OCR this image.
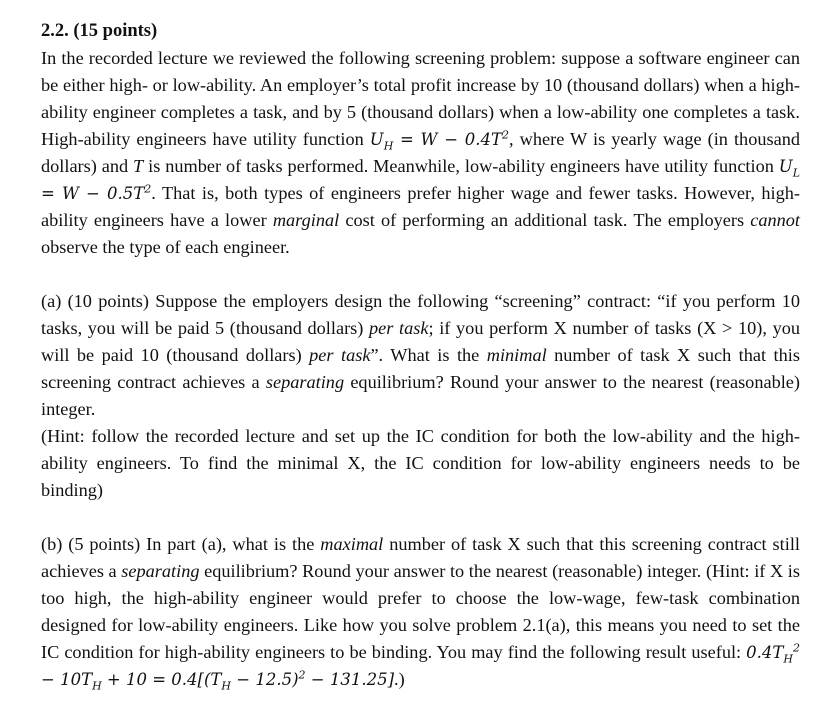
2.2. (15 points)

In the recorded lecture we reviewed the following screening problem: suppose a software engineer can be either high- or low-ability. An employer’s total profit increase by 10 (thousand dollars) when a high-ability engineer completes a task, and by 5 (thousand dollars) when a low-ability one completes a task. High-ability engineers have utility function $U_H = W - 0.4T^2$, where W is yearly wage (in thousand dollars) and T is number of tasks performed. Meanwhile, low-ability engineers have utility function $U_L = W - 0.5T^2$. That is, both types of engineers prefer higher wage and fewer tasks. However, high-ability engineers have a lower marginal cost of performing an additional task. The employers cannot observe the type of each engineer.

(a) (10 points) Suppose the employers design the following “screening” contract: “if you perform 10 tasks, you will be paid 5 (thousand dollars) per task; if you perform X number of tasks (X > 10), you will be paid 10 (thousand dollars) per task”. What is the minimal number of task X such that this screening contract achieves a separating equilibrium? Round your answer to the nearest (reasonable) integer.

(Hint: follow the recorded lecture and set up the IC condition for both the low-ability and the high-ability engineers. To find the minimal X, the IC condition for low-ability engineers needs to be binding)

(b) (5 points) In part (a), what is the maximal number of task X such that this screening contract still achieves a separating equilibrium? Round your answer to the nearest (reasonable) integer. (Hint: if X is too high, the high-ability engineer would prefer to choose the low-wage, few-task combination designed for low-ability engineers. Like how you solve problem 2.1(a), this means you need to set the IC condition for high-ability engineers to be binding. You may find the following result useful: $0.4T_H^2 - 10T_H + 10 = 0.4[(T_H - 12.5)^2 - 131.25]$.)
